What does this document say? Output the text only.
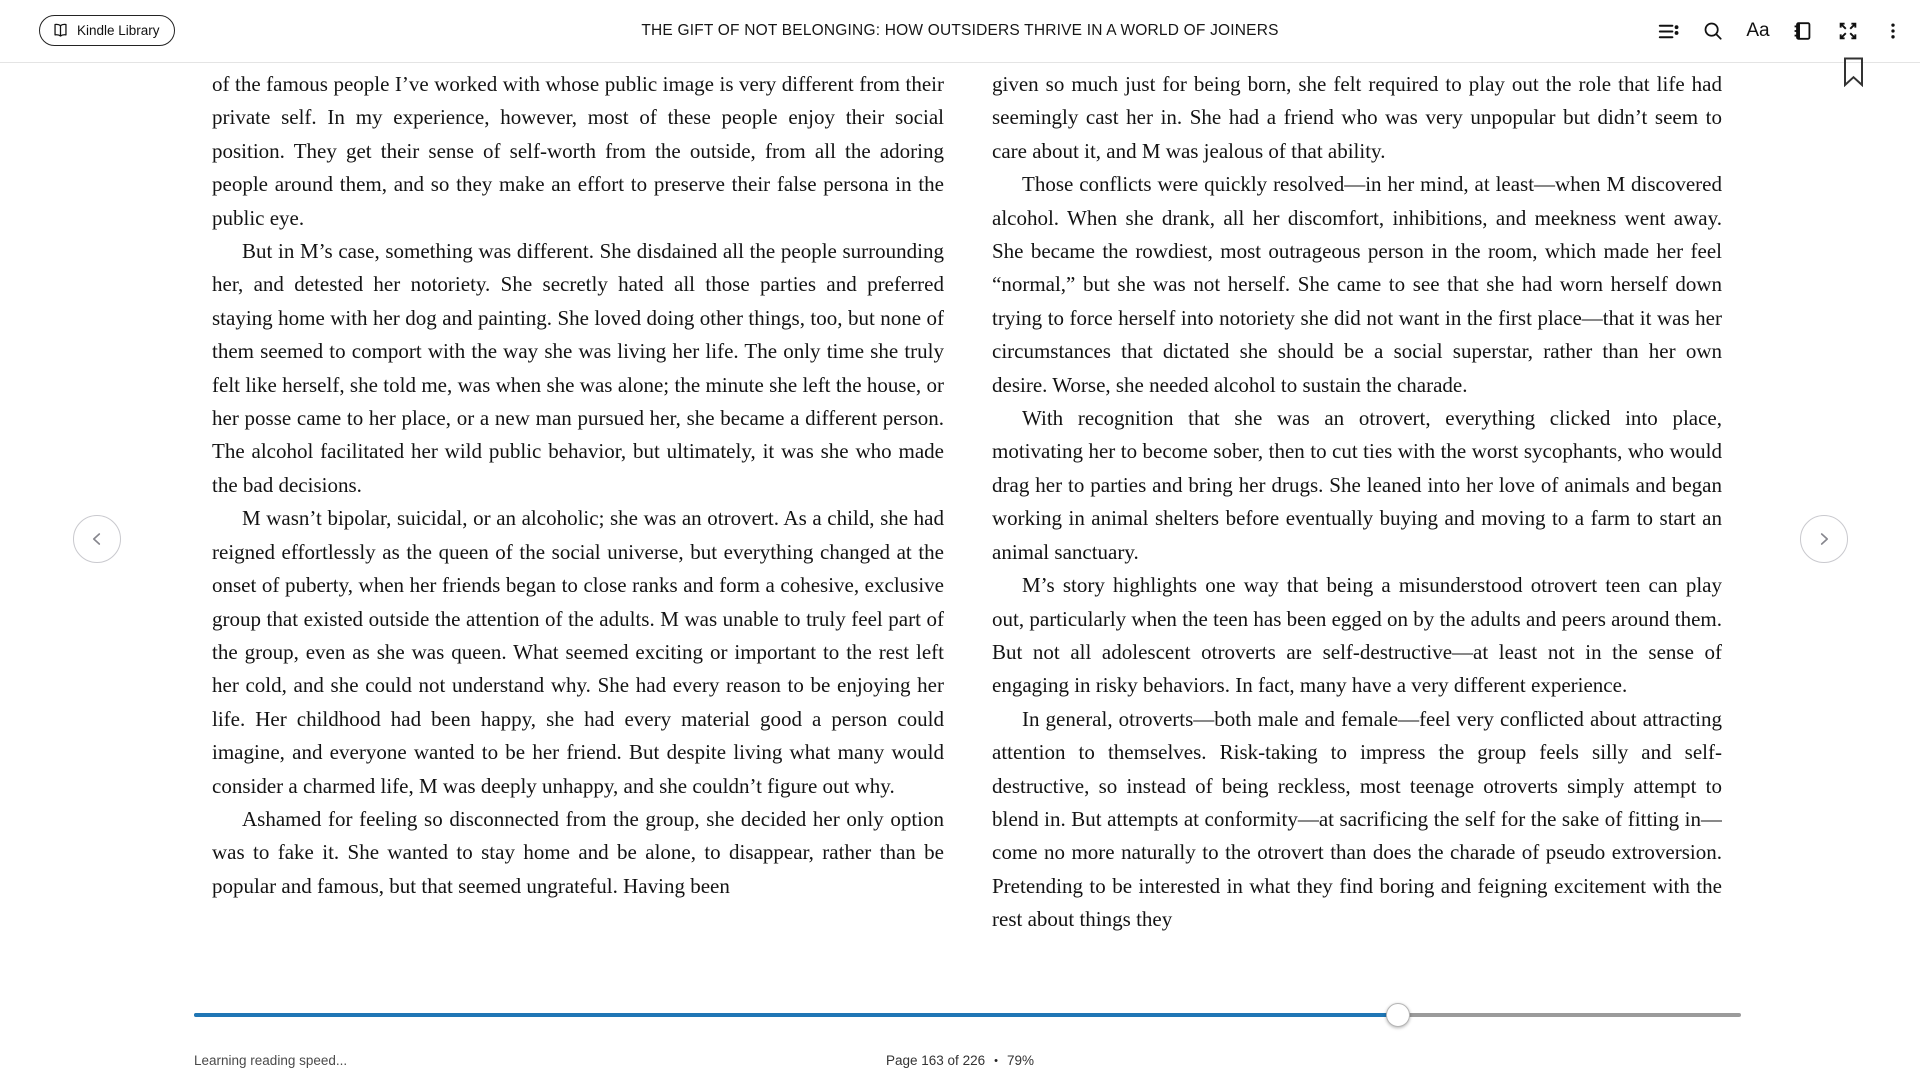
Kindle Library	THE GIFT OF NOT BELONGING: HOW OUTSIDERS THRIVE IN A WORLD OF JOINERS	Aa

of the famous people I’ve worked with whose public image is very different from their private self. In my experience, however, most of these people enjoy their social position. They get their sense of self-worth from the outside, from all the adoring people around them, and so they make an effort to preserve their false persona in the public eye.

But in M’s case, something was different. She disdained all the people surrounding her, and detested her notoriety. She secretly hated all those parties and preferred staying home with her dog and painting. She loved doing other things, too, but none of them seemed to comport with the way she was living her life. The only time she truly felt like herself, she told me, was when she was alone; the minute she left the house, or her posse came to her place, or a new man pursued her, she became a different person. The alcohol facilitated her wild public behavior, but ultimately, it was she who made the bad decisions.

M wasn’t bipolar, suicidal, or an alcoholic; she was an otrovert. As a child, she had reigned effortlessly as the queen of the social universe, but everything changed at the onset of puberty, when her friends began to close ranks and form a cohesive, exclusive group that existed outside the attention of the adults. M was unable to truly feel part of the group, even as she was queen. What seemed exciting or important to the rest left her cold, and she could not understand why. She had every reason to be enjoying her life. Her childhood had been happy, she had every material good a person could imagine, and everyone wanted to be her friend. But despite living what many would consider a charmed life, M was deeply unhappy, and she couldn’t figure out why.

Ashamed for feeling so disconnected from the group, she decided her only option was to fake it. She wanted to stay home and be alone, to disappear, rather than be popular and famous, but that seemed ungrateful. Having been

given so much just for being born, she felt required to play out the role that life had seemingly cast her in. She had a friend who was very unpopular but didn’t seem to care about it, and M was jealous of that ability.

Those conflicts were quickly resolved—in her mind, at least—when M discovered alcohol. When she drank, all her discomfort, inhibitions, and meekness went away. She became the rowdiest, most outrageous person in the room, which made her feel “normal,” but she was not herself. She came to see that she had worn herself down trying to force herself into notoriety she did not want in the first place—that it was her circumstances that dictated she should be a social superstar, rather than her own desire. Worse, she needed alcohol to sustain the charade.

With recognition that she was an otrovert, everything clicked into place, motivating her to become sober, then to cut ties with the worst sycophants, who would drag her to parties and bring her drugs. She leaned into her love of animals and began working in animal shelters before eventually buying and moving to a farm to start an animal sanctuary.

M’s story highlights one way that being a misunderstood otrovert teen can play out, particularly when the teen has been egged on by the adults and peers around them. But not all adolescent otroverts are self-destructive—at least not in the sense of engaging in risky behaviors. In fact, many have a very different experience.

In general, otroverts—both male and female—feel very conflicted about attracting attention to themselves. Risk-taking to impress the group feels silly and self-destructive, so instead of being reckless, most teenage otroverts simply attempt to blend in. But attempts at conformity—at sacrificing the self for the sake of fitting in—come no more naturally to the otrovert than does the charade of pseudo extroversion. Pretending to be interested in what they find boring and feigning excitement with the rest about things they

Learning reading speed...	Page 163 of 226 • 79%
